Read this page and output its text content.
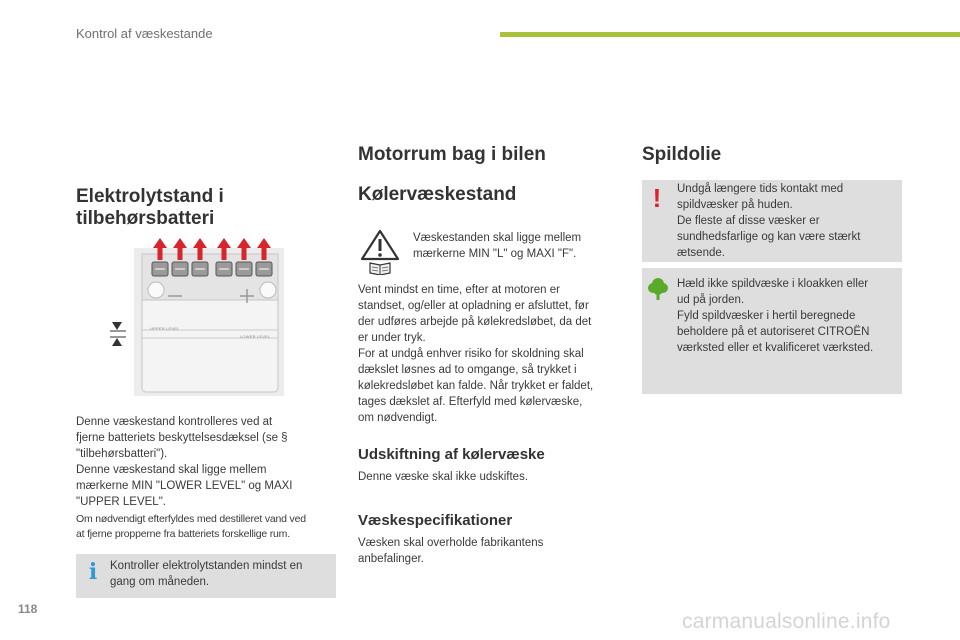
Kontrol af væskestande
Elektrolytstand i
tilbehørsbatteri
UPPER LEVEL
LOWER LEVEL
Denne væskestand kontrolleres ved at
fjerne batteriets beskyttelsesdæksel (se §
"tilbehørsbatteri").
Denne væskestand skal ligge mellem
mærkerne MIN "LOWER LEVEL" og MAXI
"UPPER LEVEL".
Om nødvendigt efterfyldes med destilleret vand ved
at fjerne propperne fra batteriets forskellige rum.
Kontroller elektrolytstanden mindst en
gang om måneden.
i
Motorrum bag i bilen
Kølervæskestand
Væskestanden skal ligge mellem
mærkerne MIN "L" og MAXI "F".
Vent mindst en time, efter at motoren er
standset, og/eller at opladning er afsluttet, før
der udføres arbejde på kølekredsløbet, da det
er under tryk.
For at undgå enhver risiko for skoldning skal
dækslet løsnes ad to omgange, så trykket i
kølekredsløbet kan falde. Når trykket er faldet,
tages dækslet af. Efterfyld med kølervæske,
om nødvendigt.
Udskiftning af kølervæske
Denne væske skal ikke udskiftes.
Væskespecifikationer
Væsken skal overholde fabrikantens
anbefalinger.
Spildolie
Undgå længere tids kontakt med
spildvæsker på huden.
De fleste af disse væsker er
sundhedsfarlige og kan være stærkt
ætsende.
!
Hæld ikke spildvæske i kloakken eller
ud på jorden.
Fyld spildvæsker i hertil beregnede
beholdere på et autoriseret CITROËN
værksted eller et kvalificeret værksted.
118
carmanualsonline.info
